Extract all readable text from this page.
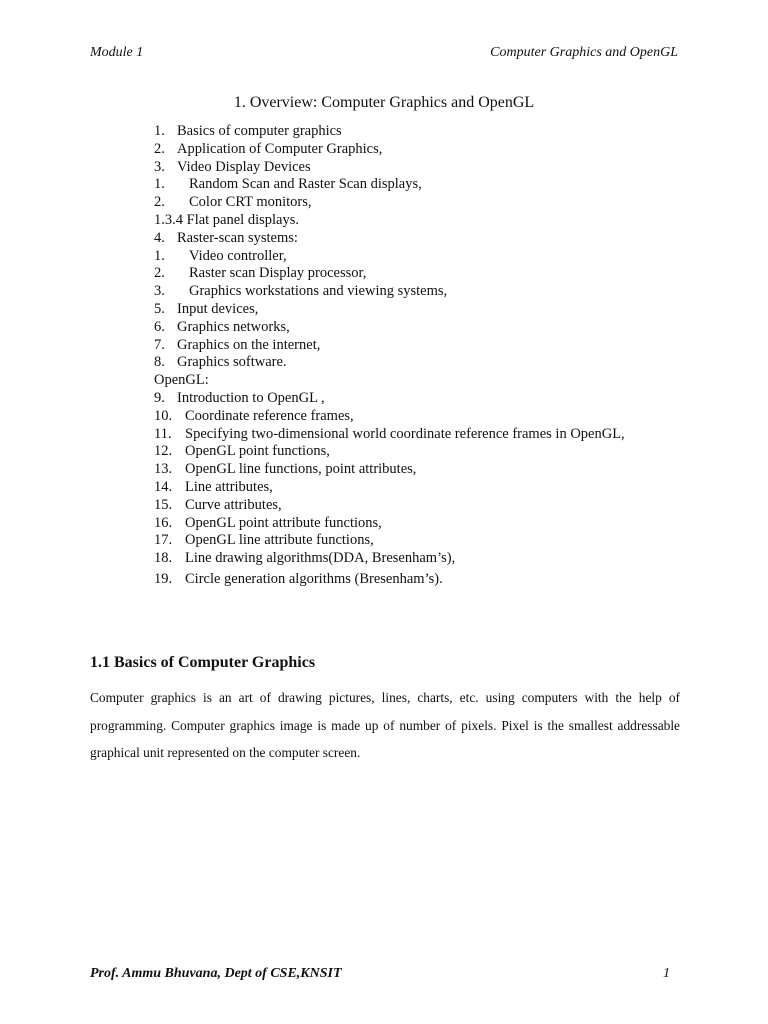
Module 1	Computer Graphics and OpenGL
1. Overview: Computer Graphics and OpenGL
1. Basics of computer graphics
2. Application of Computer Graphics,
3. Video Display Devices
1.	Random Scan and Raster Scan displays,
2.	Color CRT monitors,
1.3.4 Flat panel displays.
4. Raster-scan systems:
1.	Video controller,
2.	Raster scan Display processor,
3.	Graphics workstations and viewing systems,
5. Input devices,
6. Graphics networks,
7. Graphics on the internet,
8. Graphics software.
OpenGL:
9. Introduction to OpenGL ,
10. Coordinate reference frames,
11. Specifying two-dimensional world coordinate reference frames in OpenGL,
12. OpenGL point functions,
13. OpenGL line functions, point attributes,
14. Line attributes,
15. Curve attributes,
16. OpenGL point attribute functions,
17. OpenGL line attribute functions,
18. Line drawing algorithms(DDA, Bresenham’s),
19. Circle generation algorithms (Bresenham’s).
1.1 Basics of Computer Graphics

Computer graphics is an art of drawing pictures, lines, charts, etc. using computers with the help of programming. Computer graphics image is made up of number of pixels. Pixel is the smallest addressable graphical unit represented on the computer screen.

Prof. Ammu Bhuvana, Dept of CSE,KNSIT	1
